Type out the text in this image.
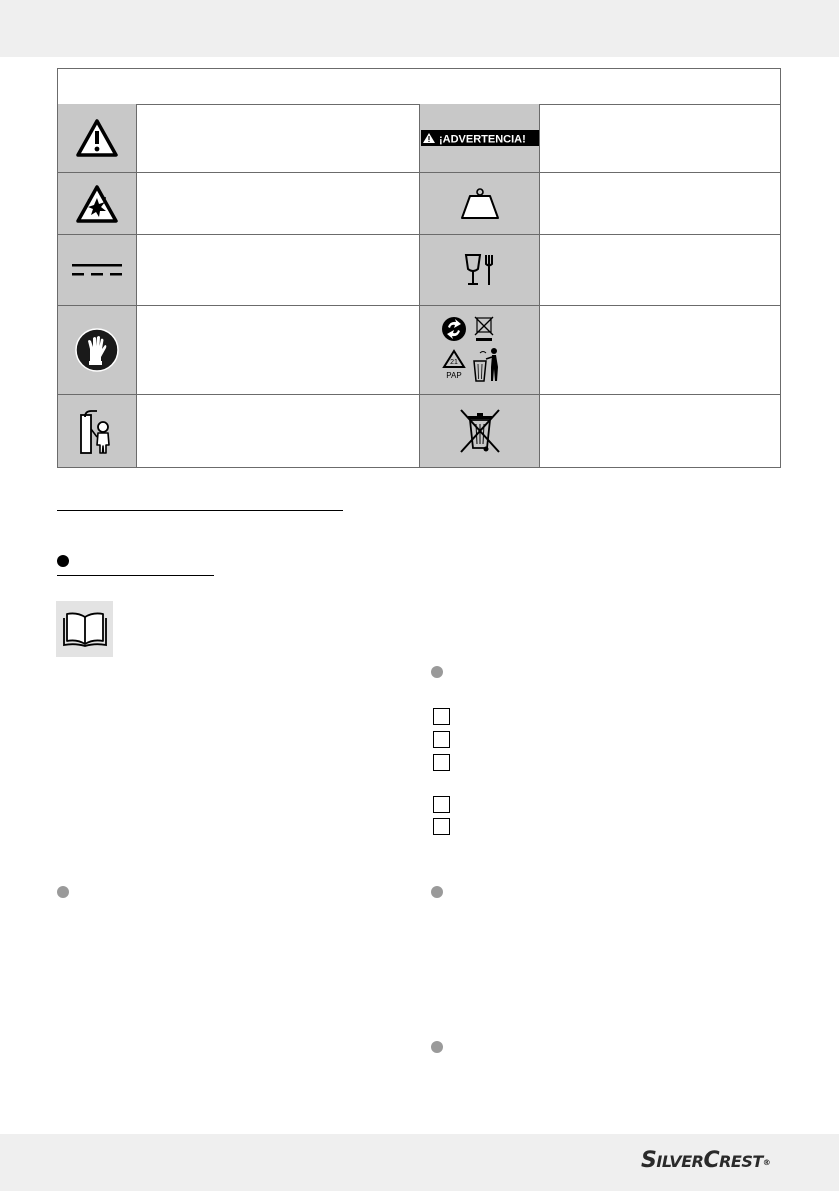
¡ADVERTENCIA!
21
PAP
SILVERCREST®
